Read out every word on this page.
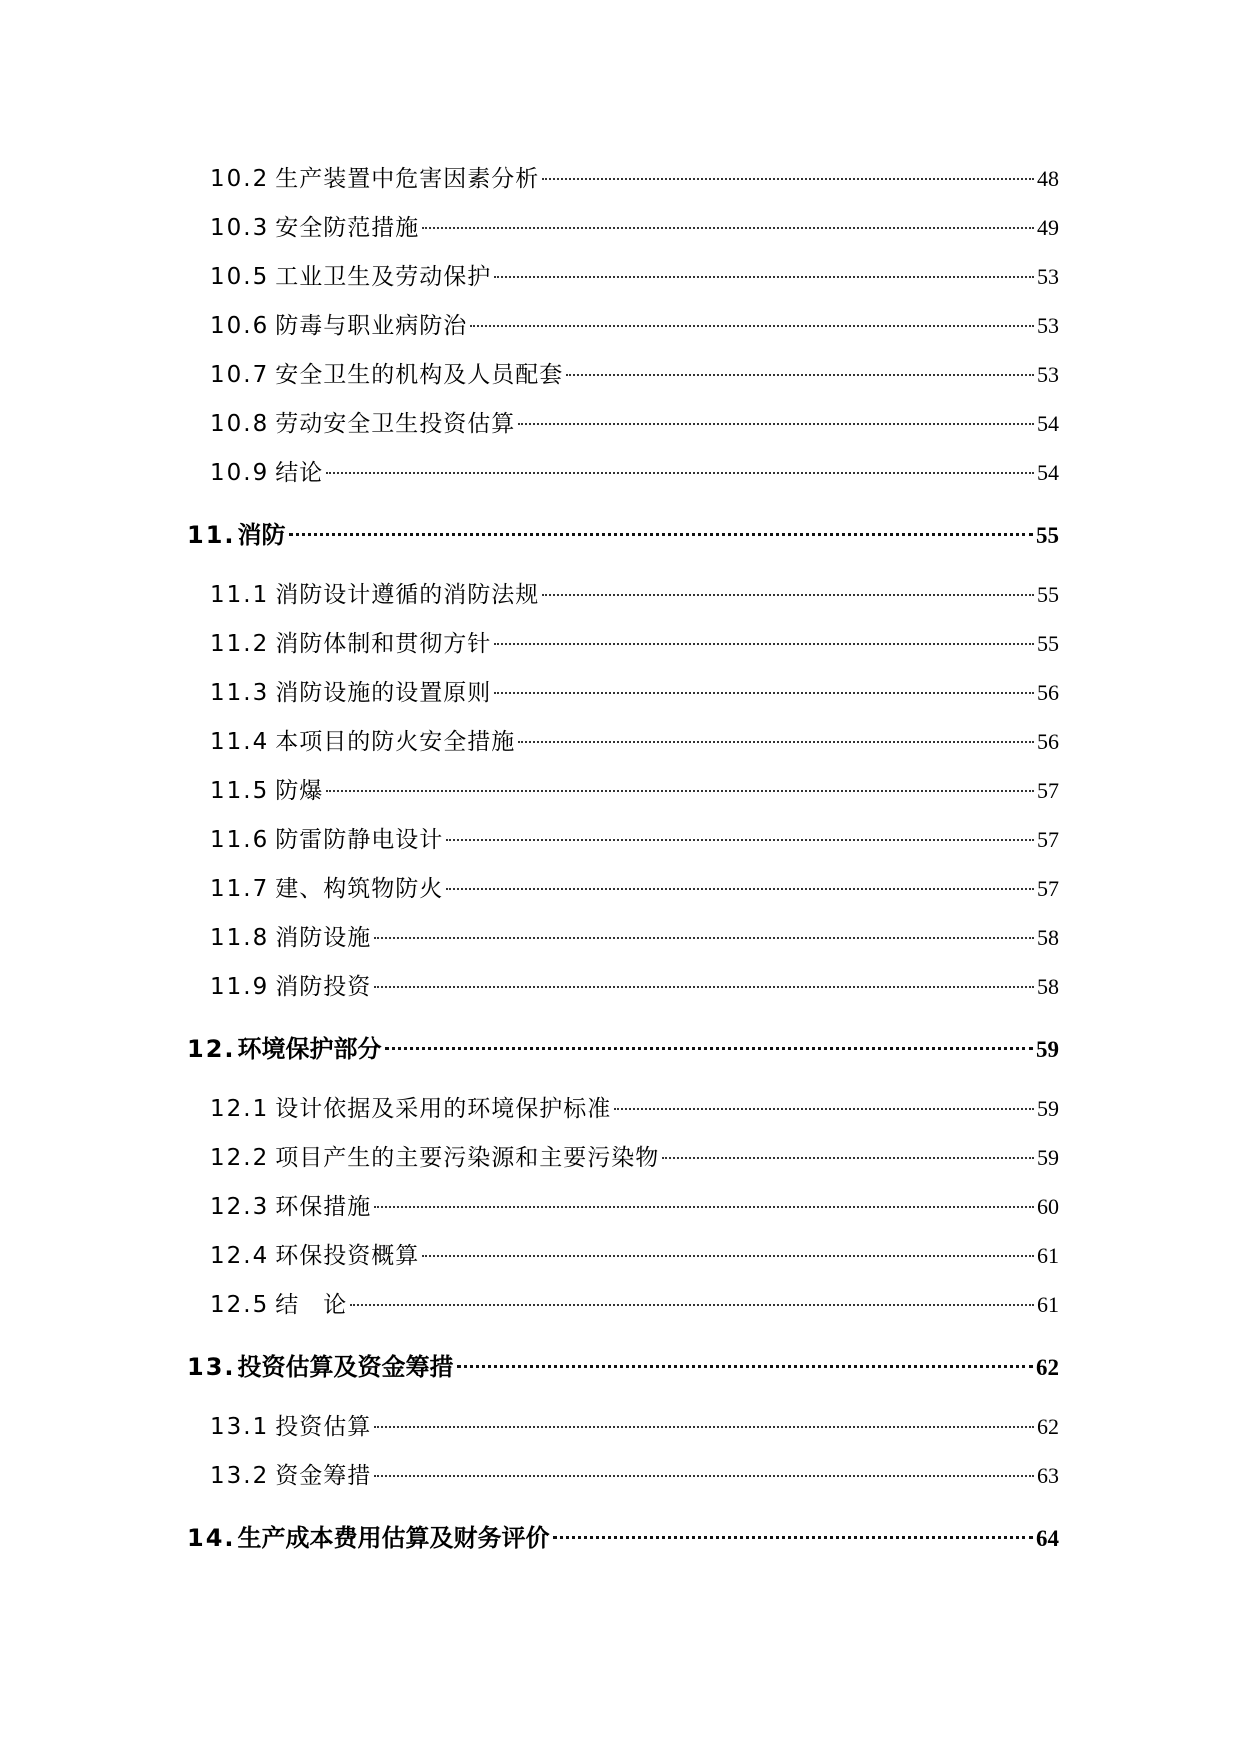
10.2 生产装置中危害因素分析	48
10.3 安全防范措施	49
10.5 工业卫生及劳动保护	53
10.6 防毒与职业病防治	53
10.7 安全卫生的机构及人员配套	53
10.8 劳动安全卫生投资估算	54
10.9 结论	54
11. 消防	55
11.1 消防设计遵循的消防法规	55
11.2 消防体制和贯彻方针	55
11.3 消防设施的设置原则	56
11.4 本项目的防火安全措施	56
11.5 防爆	57
11.6 防雷防静电设计	57
11.7 建、构筑物防火	57
11.8 消防设施	58
11.9 消防投资	58
12. 环境保护部分	59
12.1 设计依据及采用的环境保护标准	59
12.2 项目产生的主要污染源和主要污染物	59
12.3 环保措施	60
12.4 环保投资概算	61
12.5 结　论	61
13. 投资估算及资金筹措	62
13.1 投资估算	62
13.2 资金筹措	63
14. 生产成本费用估算及财务评价	64
